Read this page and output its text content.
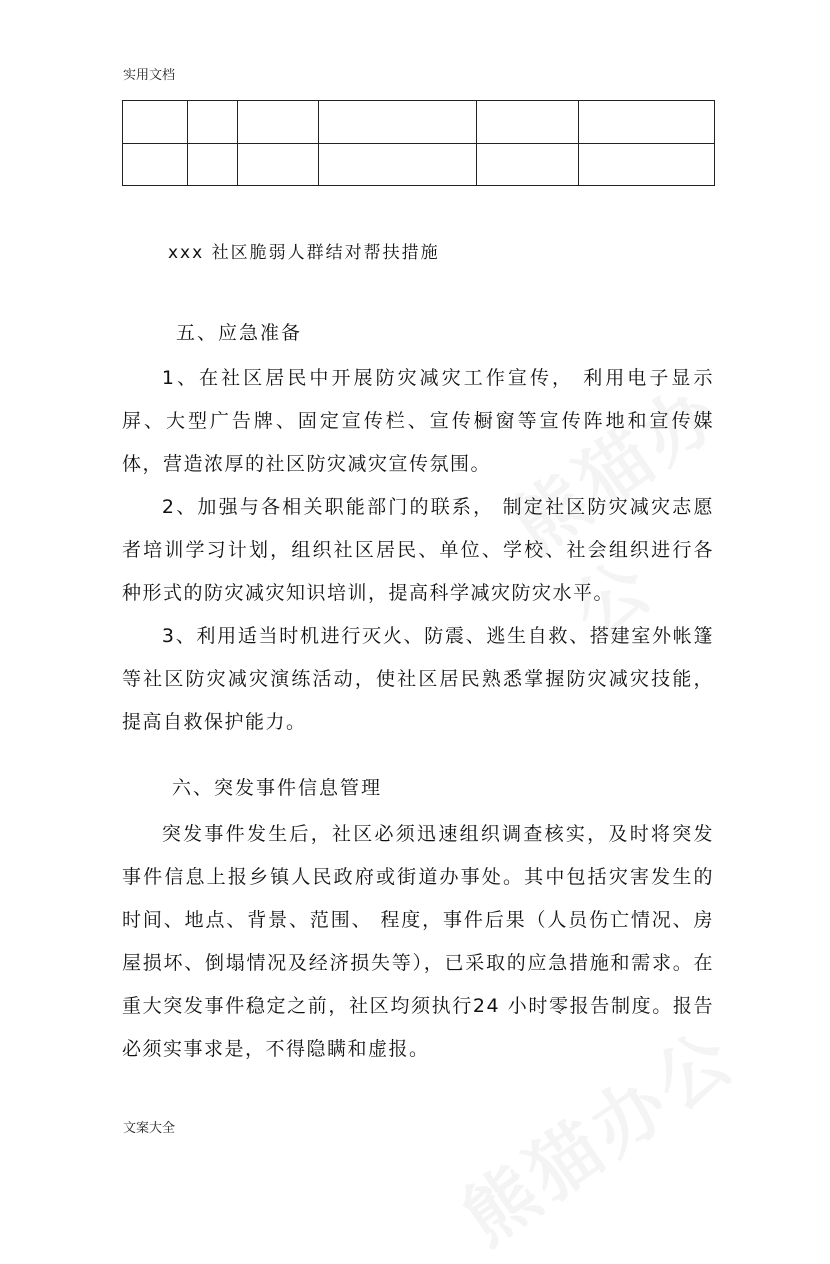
实用文档

xxx 社区脆弱人群结对帮扶措施
五、应急准备

1、在社区居民中开展防灾减灾工作宣传， 利用电子显示屏、大型广告牌、固定宣传栏、宣传橱窗等宣传阵地和宣传媒体，营造浓厚的社区防灾减灾宣传氛围。

2、加强与各相关职能部门的联系， 制定社区防灾减灾志愿者培训学习计划，组织社区居民、单位、学校、社会组织进行各种形式的防灾减灾知识培训，提高科学减灾防灾水平。

3、利用适当时机进行灭火、防震、逃生自救、搭建室外帐篷等社区防灾减灾演练活动，使社区居民熟悉掌握防灾减灾技能，提高自救保护能力。

六、突发事件信息管理

突发事件发生后，社区必须迅速组织调查核实，及时将突发事件信息上报乡镇人民政府或街道办事处。其中包括灾害发生的时间、地点、背景、范围、 程度，事件后果（人员伤亡情况、房屋损坏、倒塌情况及经济损失等），已采取的应急措施和需求。在重大突发事件稳定之前，社区均须执行24 小时零报告制度。报告必须实事求是，不得隐瞒和虚报。

文案大全
